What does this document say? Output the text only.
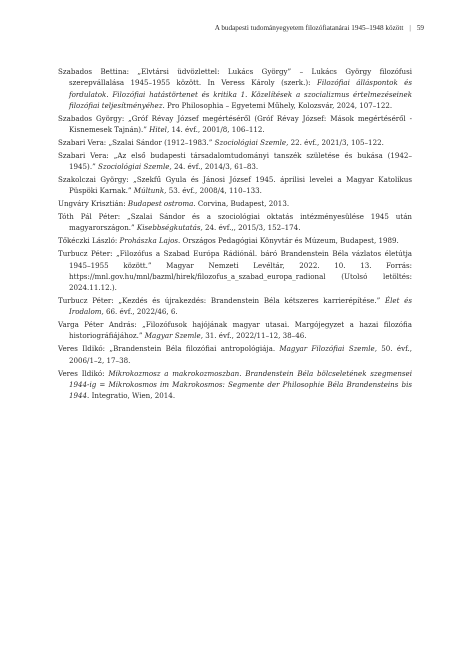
A budapesti tudományegyetem filozófiatanárai 1945–1948 között | 59

Szabados Bettina: „Elvtársi üdvözlettel: Lukács György” – Lukács György filozófusi szerepvállalása 1945–1955 között. In Veress Károly (szerk.): Filozófiai álláspontok és fordulatok. Filozófiai hatástörtenet és kritika 1. Közelítések a szocializmus értelmezéseinek filozófiai teljesítményéhez. Pro Philosophia – Egyetemi Műhely, Kolozsvár, 2024, 107–122.

Szabados György: „Gróf Révay József megértéséről (Gróf Révay József: Mások megértéséről - Kisnemesek Tajnán).” Hitel, 14. évf., 2001/8, 106–112.

Szabari Vera: „Szalai Sándor (1912–1983.” Szociológiai Szemle, 22. évf., 2021/3, 105–122.

Szabari Vera: „Az első budapesti társadalomtudományi tanszék születése és bukása (1942–1945).” Szociológiai Szemle, 24. évf., 2014/3, 61–83.

Szakolczai György: „Szekfű Gyula és Jánosi József 1945. áprilisi levelei a Magyar Katolikus Püspöki Karnak.” Múltunk, 53. évf., 2008/4, 110–133.

Ungváry Krisztián: Budapest ostroma. Corvina, Budapest, 2013.

Tóth Pál Péter: „Szalai Sándor és a szociológiai oktatás intézményesülése 1945 után magyarországon.” Kisebbségkutatás, 24. évf.,, 2015/3, 152–174.

Tőkéczki László: Prohászka Lajos. Országos Pedagógiai Könyvtár és Múzeum, Budapest, 1989.

Turbucz Péter: „Filozófus a Szabad Európa Rádiónál. báró Brandenstein Béla vázlatos életútja 1945–1955 között.” Magyar Nemzeti Levéltár, 2022. 10. 13. Forrás: https://mnl.gov.hu/mnl/bazml/hirek/filozofus_a_szabad_europa_radional (Utolsó letöltés: 2024.11.12.).

Turbucz Péter: „Kezdés és újrakezdés: Brandenstein Béla kétszeres karrierépítése.” Élet és Irodalom, 66. évf., 2022/46, 6.

Varga Péter András: „Filozófusok hajójának magyar utasai. Margójegyzet a hazai filozófia historiográfiájához.” Magyar Szemle, 31. évf., 2022/11–12, 38–46.

Veres Ildikó: „Brandenstein Béla filozófiai antropológiája. Magyar Filozófiai Szemle, 50. évf., 2006/1–2, 17–38.

Veres Ildikó: Mikrokozmosz a makrokozmoszban. Brandenstein Béla bölcseletének szegmensei 1944-ig = Mikrokosmos im Makrokosmos: Segmente der Philosophie Béla Brandensteins bis 1944. Integratio, Wien, 2014.
